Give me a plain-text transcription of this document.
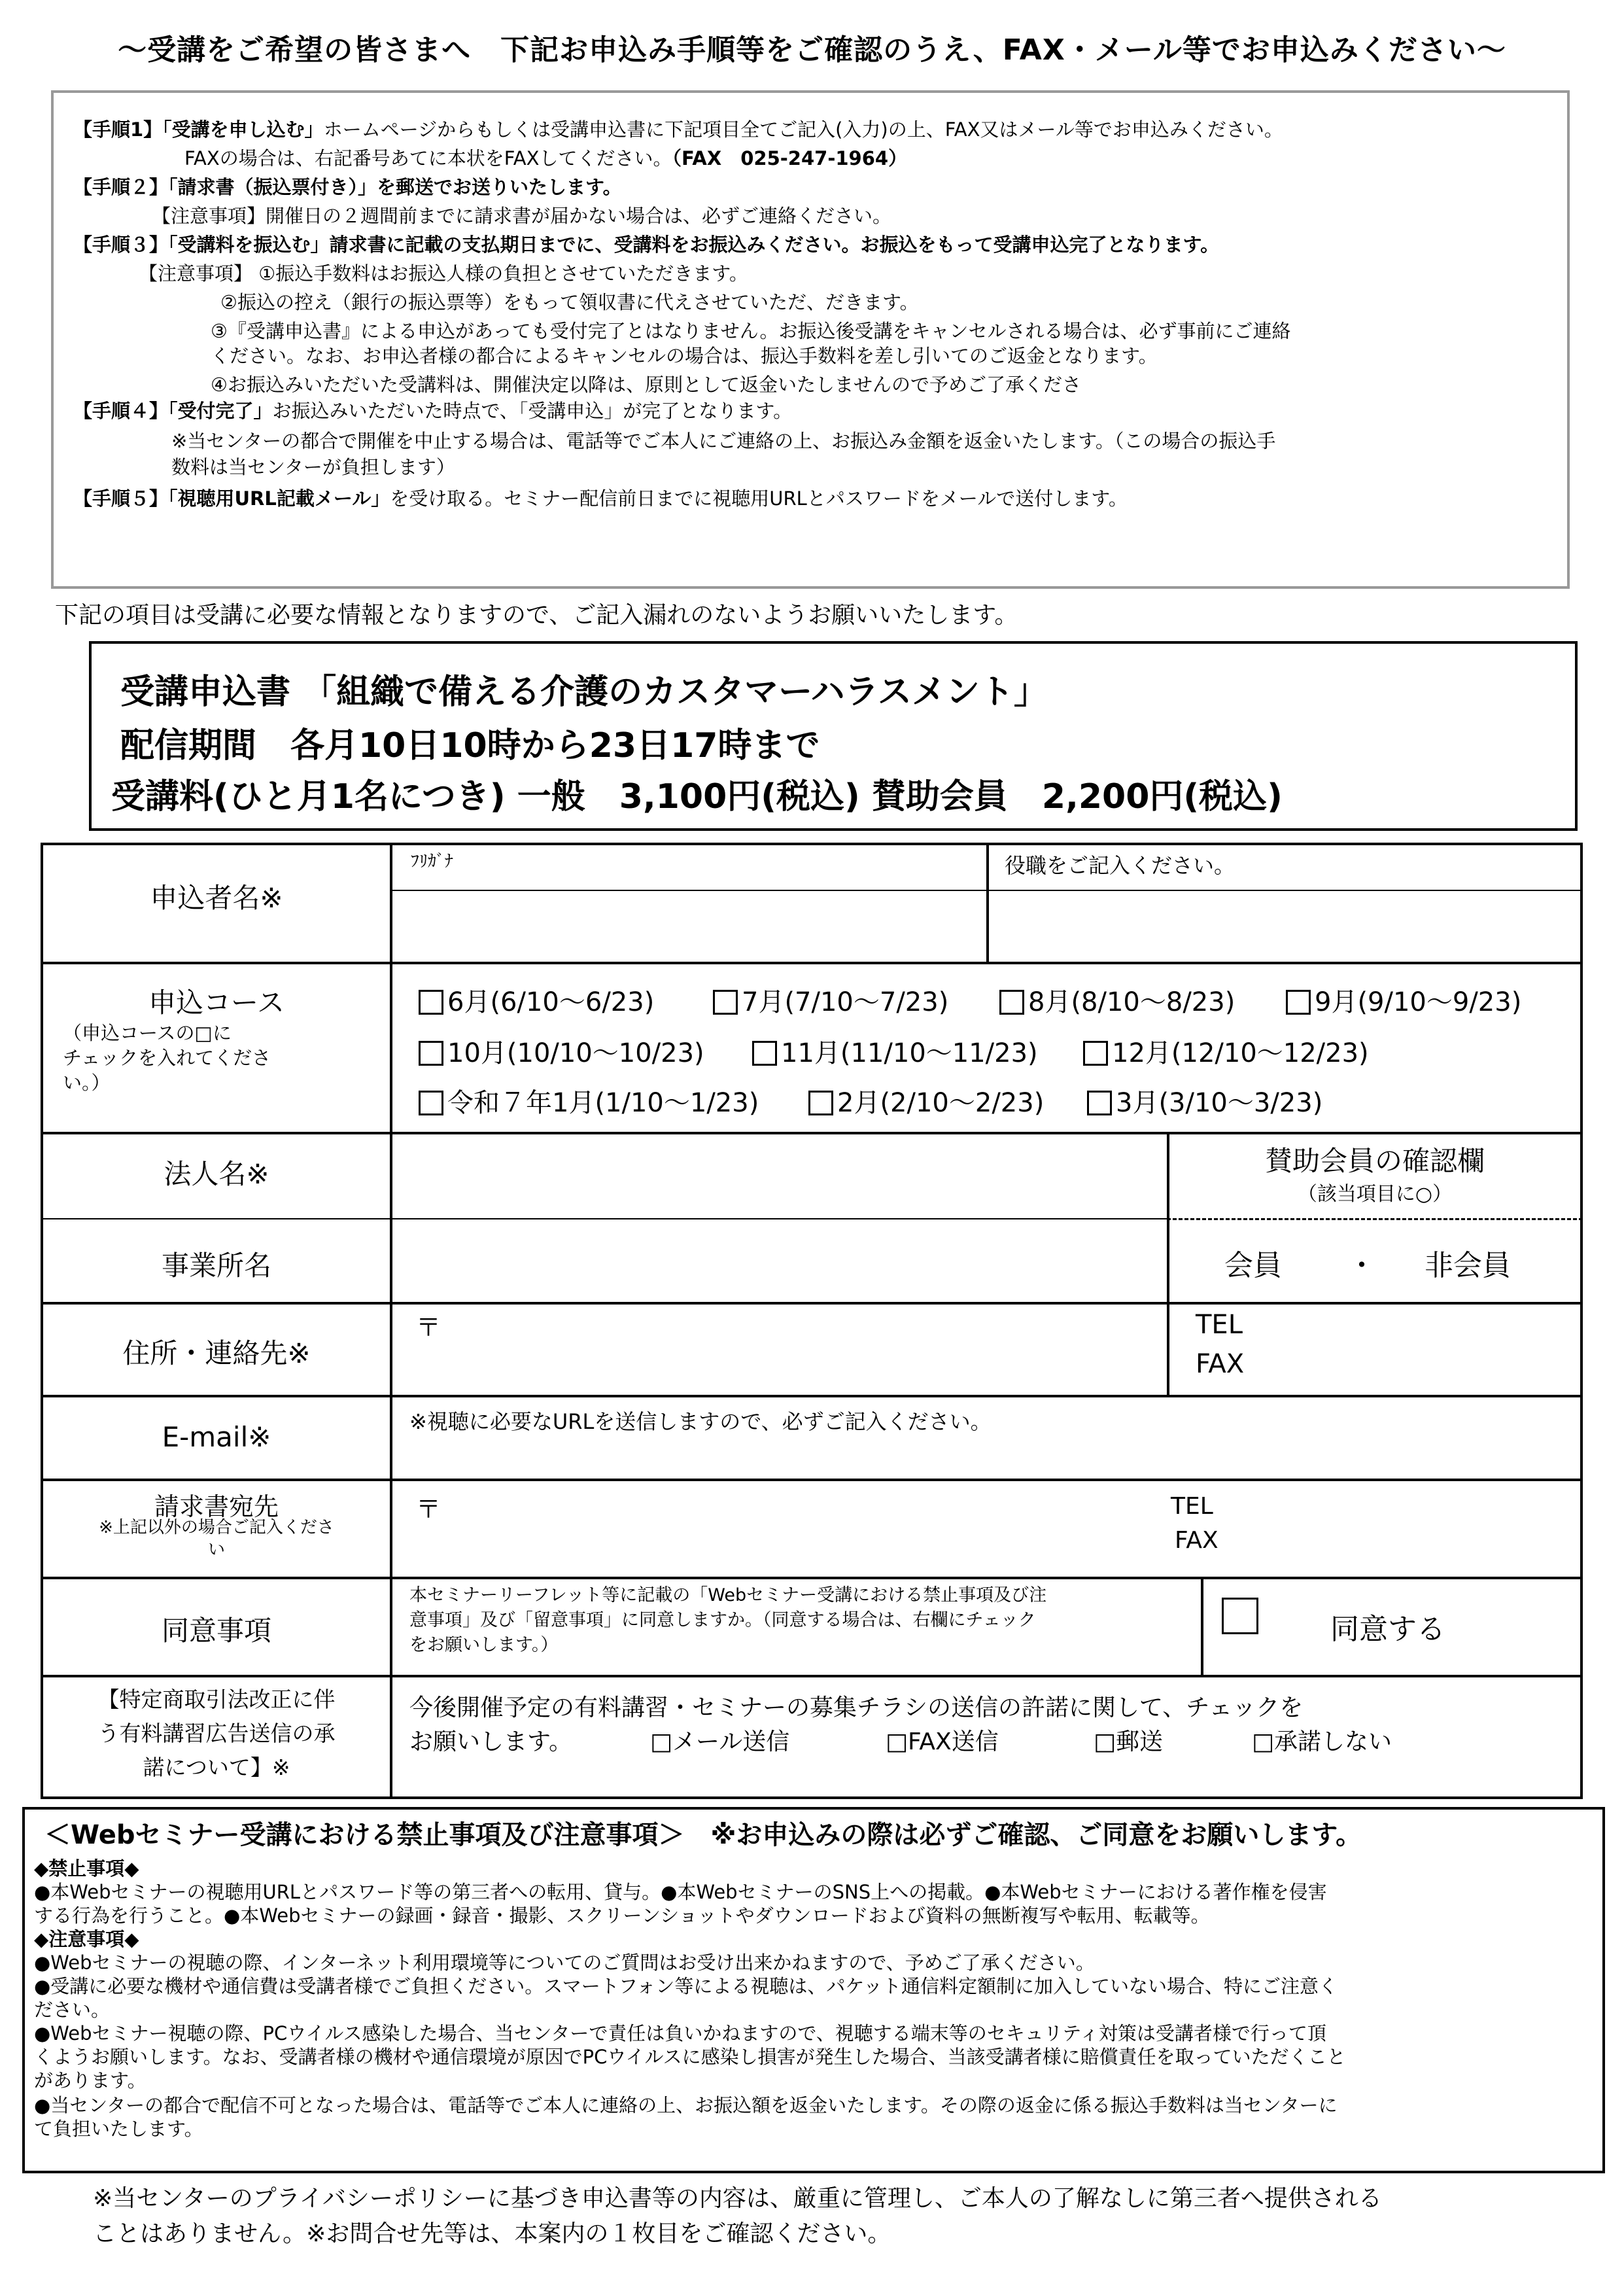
～受講をご希望の皆さまへ　下記お申込み手順等をご確認のうえ、FAX・メール等でお申込みください～
【手順1】「受講を申し込む」ホームページからもしくは受講申込書に下記項目全てご記入(入力)の上、FAX又はメール等でお申込みください。
FAXの場合は、右記番号あてに本状をFAXしてください。（FAX　025-247-1964）
【手順２】「請求書（振込票付き）」を郵送でお送りいたします。
【注意事項】開催日の２週間前までに請求書が届かない場合は、必ずご連絡ください。
【手順３】「受講料を振込む」請求書に記載の支払期日までに、受講料をお振込みください。お振込をもって受講申込完了となります。
【注意事項】 ①振込手数料はお振込人様の負担とさせていただきます。
②振込の控え（銀行の振込票等）をもって領収書に代えさせていただ、だきます。
③『受講申込書』による申込があっても受付完了とはなりません。お振込後受講をキャンセルされる場合は、必ず事前にご連絡
ください。なお、お申込者様の都合によるキャンセルの場合は、振込手数料を差し引いてのご返金となります。
④お振込みいただいた受講料は、開催決定以降は、原則として返金いたしませんので予めご了承くださ
【手順４】「受付完了」お振込みいただいた時点で、「受講申込」が完了となります。
※当センターの都合で開催を中止する場合は、電話等でご本人にご連絡の上、お振込み金額を返金いたします。（この場合の振込手
数料は当センターが負担します）
【手順５】「視聴用URL記載メール」を受け取る。セミナー配信前日までに視聴用URLとパスワードをメールで送付します。
下記の項目は受講に必要な情報となりますので、ご記入漏れのないようお願いいたします。
受講申込書 「組織で備える介護のカスタマーハラスメント」
配信期間　各月10日10時から23日17時まで
受講料(ひと月1名につき) 一般　3,100円(税込) 賛助会員　2,200円(税込)
申込者名※
ﾌﾘｶﾞﾅ	役職をご記入ください。
申込コース
（申込コースの□に
チェックを入れてくださ
い。）
6月(6/10～6/23)	7月(7/10～7/23)	8月(8/10～8/23)	9月(9/10～9/23)
10月(10/10～10/23)	11月(11/10～11/23)	12月(12/10～12/23)
令和７年1月(1/10～1/23)	2月(2/10～2/23)	3月(3/10～3/23)
法人名※	賛助会員の確認欄
（該当項目に○）
事業所名	会員 ・ 非会員
住所・連絡先※
〒	TEL
FAX
E-mail※	※視聴に必要なURLを送信しますので、必ずご記入ください。
請求書宛先
※上記以外の場合ご記入くださ
い
〒	TEL
FAX
同意事項
本セミナーリーフレット等に記載の「Webセミナー受講における禁止事項及び注
意事項」及び「留意事項」に同意しますか。（同意する場合は、右欄にチェック
をお願いします。）	同意する
【特定商取引法改正に伴
う有料講習広告送信の承
諾について】※
今後開催予定の有料講習・セミナーの募集チラシの送信の許諾に関して、チェックを
お願いします。	□メール送信	□FAX送信	□郵送	□承諾しない
＜Webセミナー受講における禁止事項及び注意事項＞　※お申込みの際は必ずご確認、ご同意をお願いします。
◆禁止事項◆
●本Webセミナーの視聴用URLとパスワード等の第三者への転用、貸与。●本WebセミナーのSNS上への掲載。●本Webセミナーにおける著作権を侵害
する行為を行うこと。●本Webセミナーの録画・録音・撮影、スクリーンショットやダウンロードおよび資料の無断複写や転用、転載等。
◆注意事項◆
●Webセミナーの視聴の際、インターネット利用環境等についてのご質問はお受け出来かねますので、予めご了承ください。
●受講に必要な機材や通信費は受講者様でご負担ください。スマートフォン等による視聴は、パケット通信料定額制に加入していない場合、特にご注意く
ださい。
●Webセミナー視聴の際、PCウイルス感染した場合、当センターで責任は負いかねますので、視聴する端末等のセキュリティ対策は受講者様で行って頂
くようお願いします。なお、受講者様の機材や通信環境が原因でPCウイルスに感染し損害が発生した場合、当該受講者様に賠償責任を取っていただくこと
があります。
●当センターの都合で配信不可となった場合は、電話等でご本人に連絡の上、お振込額を返金いたします。その際の返金に係る振込手数料は当センターに
て負担いたします。
※当センターのプライバシーポリシーに基づき申込書等の内容は、厳重に管理し、ご本人の了解なしに第三者へ提供される
ことはありません。※お問合せ先等は、本案内の１枚目をご確認ください。
